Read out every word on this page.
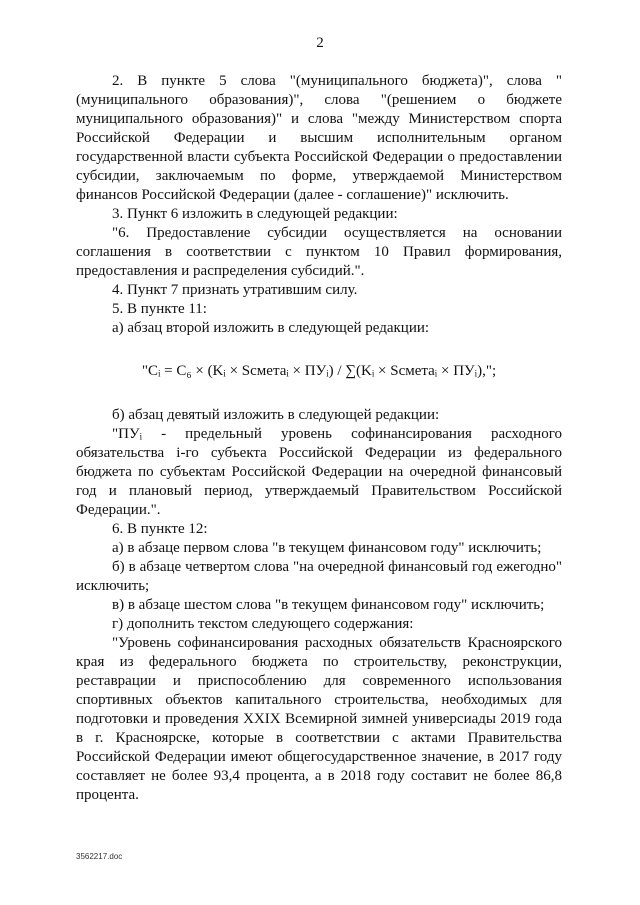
2

2. В пункте 5 слова "(муниципального бюджета)", слова "(муниципального образования)", слова "(решением о бюджете муниципального образования)" и слова "между Министерством спорта Российской Федерации и высшим исполнительным органом государственной власти субъекта Российской Федерации о предоставлении субсидии, заключаемым по форме, утверждаемой Министерством финансов Российской Федерации (далее - соглашение)" исключить.

3. Пункт 6 изложить в следующей редакции:

"6. Предоставление субсидии осуществляется на основании соглашения в соответствии с пунктом 10 Правил формирования, предоставления и распределения субсидий.".

4. Пункт 7 признать утратившим силу.

5. В пункте 11:

а) абзац второй изложить в следующей редакции:

"Cᵢ = C₆ × (Kᵢ × Sсметаᵢ × ПУᵢ) / ∑(Kᵢ × Sсметаᵢ × ПУᵢ),";

б) абзац девятый изложить в следующей редакции:

"ПУᵢ - предельный уровень софинансирования расходного обязательства i-го субъекта Российской Федерации из федерального бюджета по субъектам Российской Федерации на очередной финансовый год и плановый период, утверждаемый Правительством Российской Федерации.".

6. В пункте 12:

а) в абзаце первом слова "в текущем финансовом году" исключить;

б) в абзаце четвертом слова "на очередной финансовый год ежегодно" исключить;

в) в абзаце шестом слова "в текущем финансовом году" исключить;

г) дополнить текстом следующего содержания:

"Уровень софинансирования расходных обязательств Красноярского края из федерального бюджета по строительству, реконструкции, реставрации и приспособлению для современного использования спортивных объектов капитального строительства, необходимых для подготовки и проведения XXIX Всемирной зимней универсиады 2019 года в г. Красноярске, которые в соответствии с актами Правительства Российской Федерации имеют общегосударственное значение, в 2017 году составляет не более 93,4 процента, а в 2018 году составит не более 86,8 процента.

3562217.doc
